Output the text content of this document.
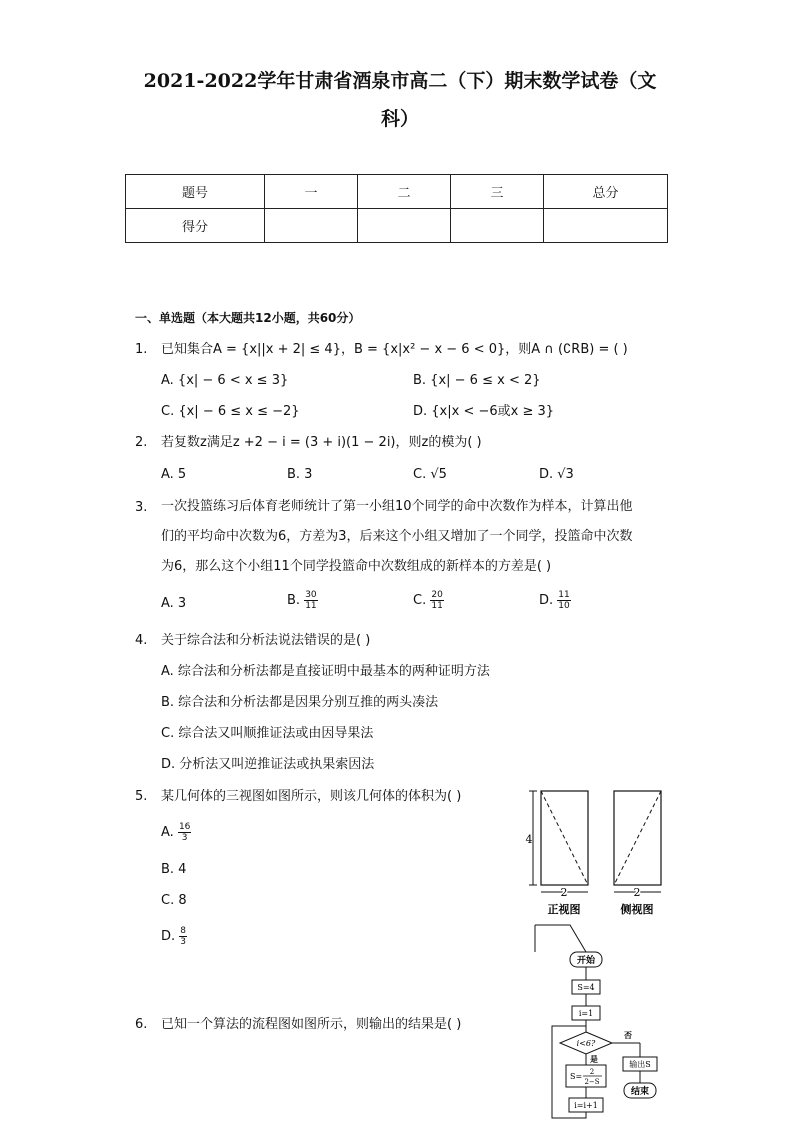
2021-2022学年甘肃省酒泉市高二（下）期末数学试卷（文
科）
题号	一	二	三	总分
得分				
一、单选题（本大题共12小题，共60分）
1. 已知集合A = {x||x + 2| ≤ 4}，B = {x|x² − x − 6 < 0}，则A ∩ (∁RB) = ( )
A. {x| − 6 < x ≤ 3}	B. {x| − 6 ≤ x < 2}
C. {x| − 6 ≤ x ≤ −2}	D. {x|x < −6或x ≥ 3}
2. 若复数z满足z +2 − i = (3 + i)(1 − 2i)，则z的模为( )
A. 5	B. 3	C. √5	D. √3
3. 一次投篮练习后体育老师统计了第一小组10个同学的命中次数作为样本，计算出他
们的平均命中次数为6，方差为3，后来这个小组又增加了一个同学，投篮命中次数
为6，那么这个小组11个同学投篮命中次数组成的新样本的方差是( )
A. 3	B. $\frac{30}{11}$	C. $\frac{20}{11}$	D. $\frac{11}{10}$
4. 关于综合法和分析法说法错误的是( )
A. 综合法和分析法都是直接证明中最基本的两种证明方法
B. 综合法和分析法都是因果分别互推的两头凑法
C. 综合法又叫顺推证法或由因导果法
D. 分析法又叫逆推证法或执果索因法
5. 某几何体的三视图如图所示，则该几何体的体积为( )
A. $\frac{16}{3}$
B. 4
C. 8
D. $\frac{8}{3}$
6. 已知一个算法的流程图如图所示，则输出的结果是( )
4
2
正视图
2
侧视图
开始
S=4
i=1
i<6?
否
输出S
结束
是
S= 2
2−S
i=i+1
